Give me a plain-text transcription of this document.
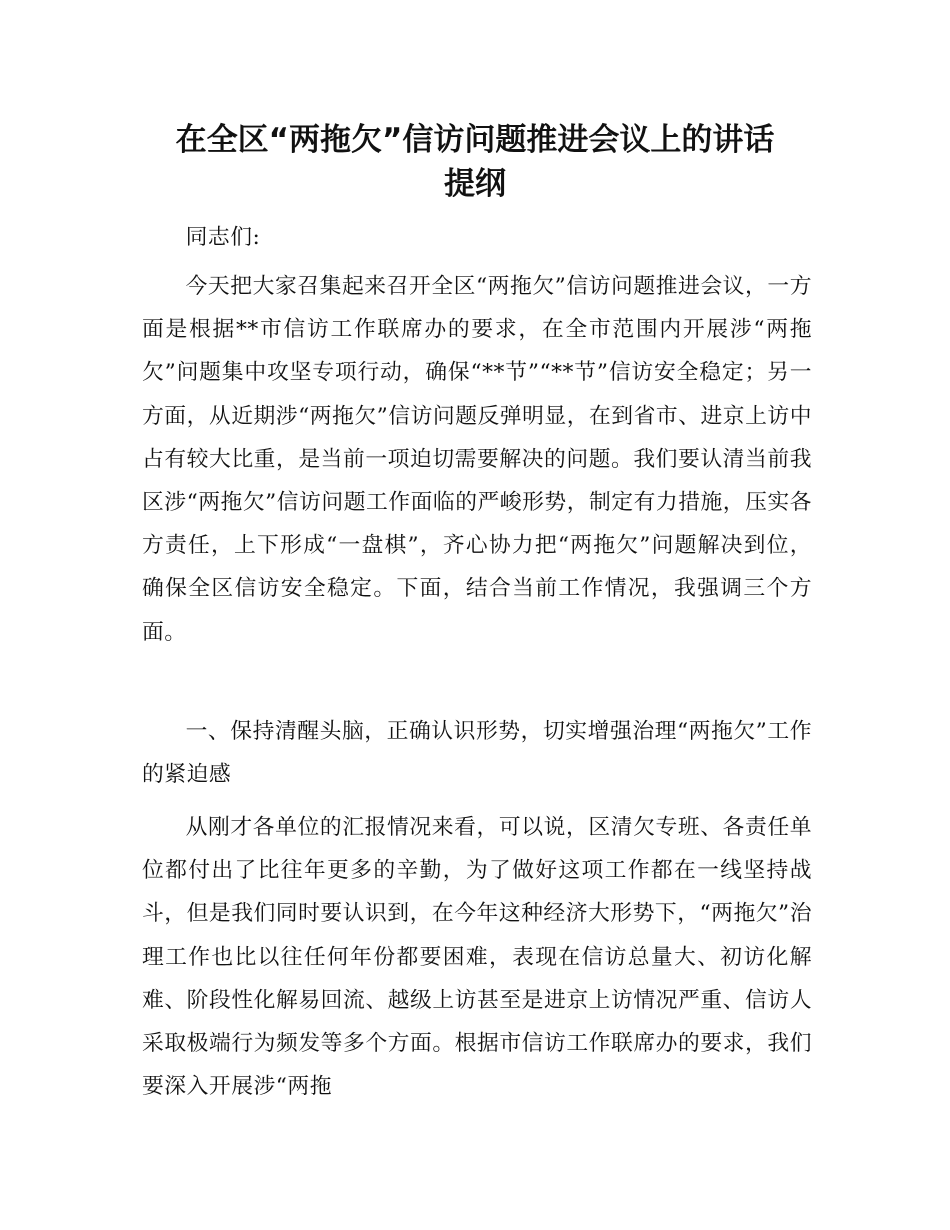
在全区“两拖欠”信访问题推进会议上的讲话
提纲

同志们:

今天把大家召集起来召开全区“两拖欠”信访问题推进会议，一方面是根据**市信访工作联席办的要求，在全市范围内开展涉“两拖欠”问题集中攻坚专项行动，确保“**节”“**节”信访安全稳定；另一方面，从近期涉“两拖欠”信访问题反弹明显，在到省市、进京上访中占有较大比重，是当前一项迫切需要解决的问题。我们要认清当前我区涉“两拖欠”信访问题工作面临的严峻形势，制定有力措施，压实各方责任，上下形成“一盘棋”，齐心协力把“两拖欠”问题解决到位，确保全区信访安全稳定。下面，结合当前工作情况，我强调三个方面。

一、保持清醒头脑，正确认识形势，切实增强治理“两拖欠”工作的紧迫感

从刚才各单位的汇报情况来看，可以说，区清欠专班、各责任单位都付出了比往年更多的辛勤，为了做好这项工作都在一线坚持战斗，但是我们同时要认识到，在今年这种经济大形势下，“两拖欠”治理工作也比以往任何年份都要困难，表现在信访总量大、初访化解难、阶段性化解易回流、越级上访甚至是进京上访情况严重、信访人采取极端行为频发等多个方面。根据市信访工作联席办的要求，我们要深入开展涉“两拖
